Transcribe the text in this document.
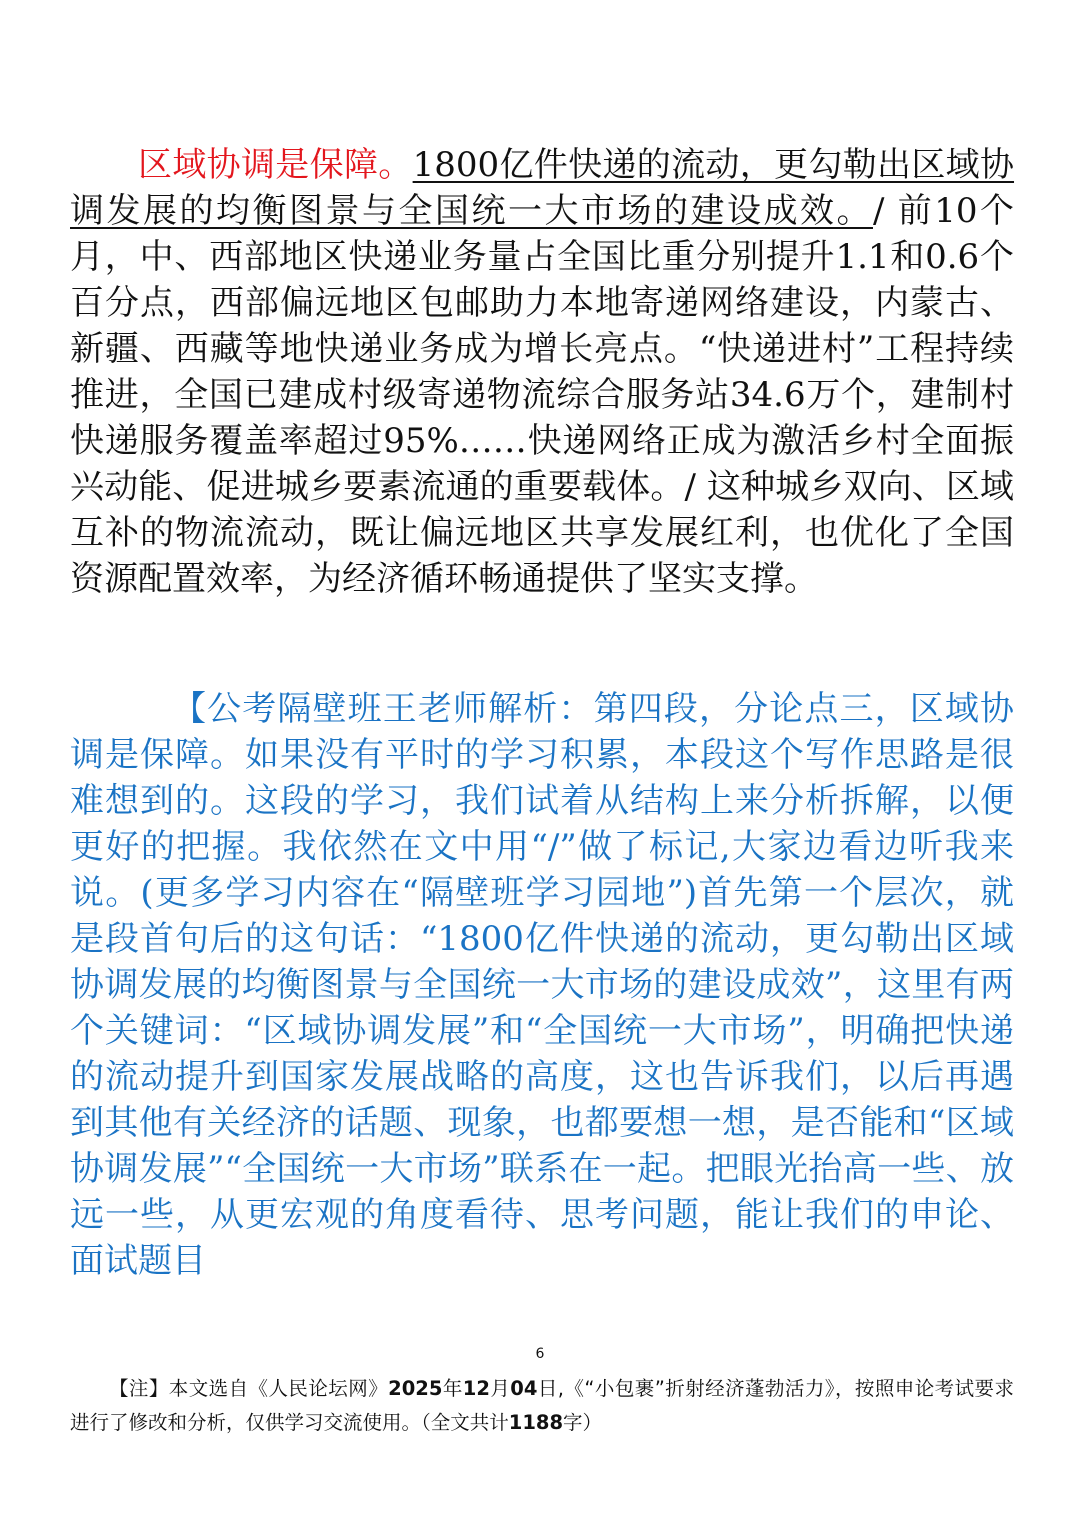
区域协调是保障。1800亿件快递的流动，更勾勒出区域协调发展的均衡图景与全国统一大市场的建设成效。/ 前10个月，中、西部地区快递业务量占全国比重分别提升1.1和0.6个百分点，西部偏远地区包邮助力本地寄递网络建设，内蒙古、新疆、西藏等地快递业务成为增长亮点。“快递进村”工程持续推进，全国已建成村级寄递物流综合服务站34.6万个，建制村快递服务覆盖率超过95%……快递网络正成为激活乡村全面振兴动能、促进城乡要素流通的重要载体。/ 这种城乡双向、区域互补的物流流动，既让偏远地区共享发展红利，也优化了全国资源配置效率，为经济循环畅通提供了坚实支撑。

【公考隔壁班王老师解析：第四段，分论点三，区域协调是保障。如果没有平时的学习积累，本段这个写作思路是很难想到的。这段的学习，我们试着从结构上来分析拆解，以便更好的把握。我依然在文中用“/”做了标记,大家边看边听我来说。(更多学习内容在“隔壁班学习园地”)首先第一个层次，就是段首句后的这句话：“1800亿件快递的流动，更勾勒出区域协调发展的均衡图景与全国统一大市场的建设成效”，这里有两个关键词：“区域协调发展”和“全国统一大市场”，明确把快递的流动提升到国家发展战略的高度，这也告诉我们，以后再遇到其他有关经济的话题、现象，也都要想一想，是否能和“区域协调发展”“全国统一大市场”联系在一起。把眼光抬高一些、放远一些，从更宏观的角度看待、思考问题，能让我们的申论、面试题目

6

【注】本文选自《人民论坛网》2025年12月04日,《“小包裹”折射经济蓬勃活力》，按照申论考试要求进行了修改和分析，仅供学习交流使用。（全文共计1188字）
